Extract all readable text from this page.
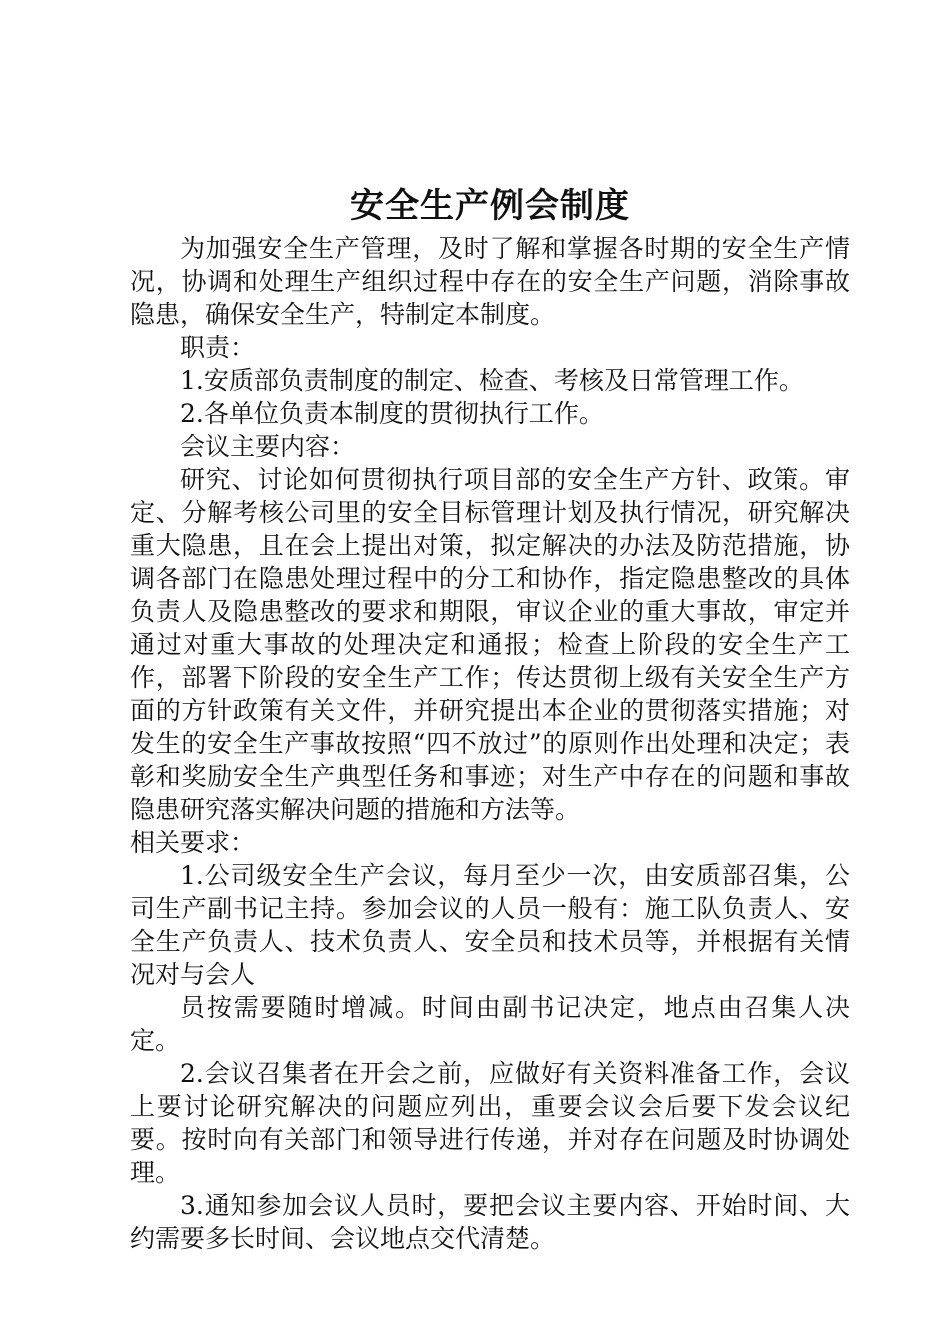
安全生产例会制度

为加强安全生产管理，及时了解和掌握各时期的安全生产情况，协调和处理生产组织过程中存在的安全生产问题，消除事故隐患，确保安全生产，特制定本制度。

职责：

1.安质部负责制度的制定、检查、考核及日常管理工作。

2.各单位负责本制度的贯彻执行工作。

会议主要内容：

研究、讨论如何贯彻执行项目部的安全生产方针、政策。审定、分解考核公司里的安全目标管理计划及执行情况，研究解决重大隐患，且在会上提出对策，拟定解决的办法及防范措施，协调各部门在隐患处理过程中的分工和协作，指定隐患整改的具体负责人及隐患整改的要求和期限，审议企业的重大事故，审定并通过对重大事故的处理决定和通报；检查上阶段的安全生产工作，部署下阶段的安全生产工作；传达贯彻上级有关安全生产方面的方针政策有关文件，并研究提出本企业的贯彻落实措施；对发生的安全生产事故按照“四不放过”的原则作出处理和决定；表彰和奖励安全生产典型任务和事迹；对生产中存在的问题和事故隐患研究落实解决问题的措施和方法等。

相关要求：

1.公司级安全生产会议，每月至少一次，由安质部召集，公司生产副书记主持。参加会议的人员一般有：施工队负责人、安全生产负责人、技术负责人、安全员和技术员等，并根据有关情况对与会人

员按需要随时增减。时间由副书记决定，地点由召集人决定。

2.会议召集者在开会之前，应做好有关资料准备工作，会议上要讨论研究解决的问题应列出，重要会议会后要下发会议纪要。按时向有关部门和领导进行传递，并对存在问题及时协调处理。

3.通知参加会议人员时，要把会议主要内容、开始时间、大约需要多长时间、会议地点交代清楚。
